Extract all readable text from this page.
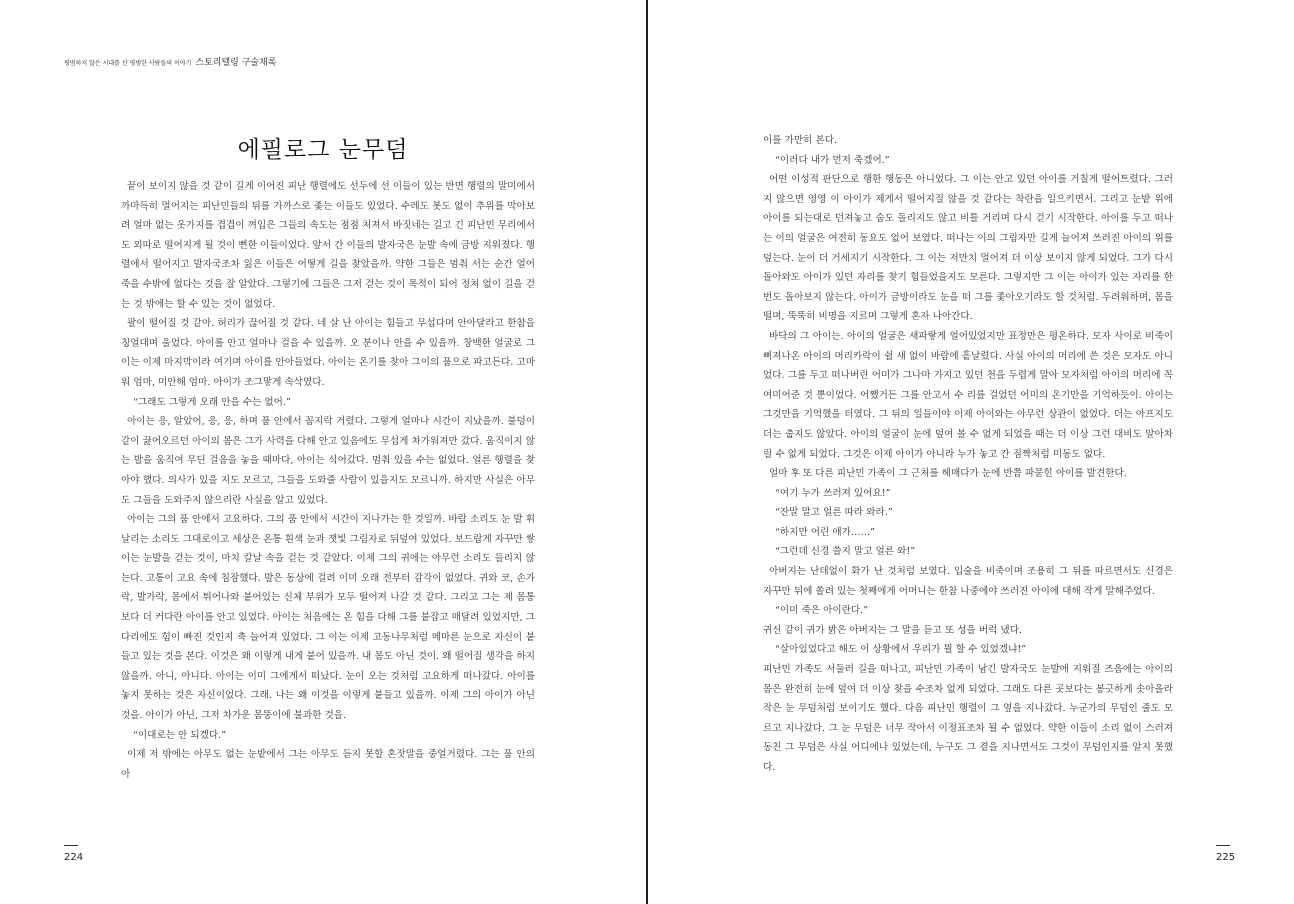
평범하지 않은 시대를 산 평범한 사람들의 이야기 스토리텔링 구술채록
에필로그 눈무덤

끝이 보이지 않을 것 같이 길게 이어진 피난 행렬에도 선두에 선 이들이 있는 반면 행렬의 말미에서 까마득히 멀어지는 피난민들의 뒤를 가까스로 좇는 이들도 있었다. 수레도 봇도 없이 추위를 막아보려 얼마 없는 옷가지를 겹겹이 껴입은 그들의 속도는 점점 처져서 바짓네는 길고 긴 피난민 무리에서도 외따로 떨어지게 될 것이 뻔한 이들이었다. 앞서 간 이들의 발자국은 눈발 속에 금방 지워졌다. 행렬에서 떨어지고 발자국조차 잃은 이들은 어떻게 길을 찾았을까. 약한 그들은 멈춰 서는 순간 얼어 죽을 수밖에 없다는 것을 잘 알았다. 그렇기에 그들은 그저 걷는 것이 목적이 되어 정처 없이 길을 걷는 것 밖에는 할 수 있는 것이 없었다.

팔이 떨어질 것 같아. 허리가 끊어질 것 같다. 네 살 난 아이는 힘들고 무섭다며 안아달라고 한참을 칭얼대며 울었다. 아이를 안고 얼마나 걸을 수 있을까. 오 분이나 안을 수 있을까. 창백한 얼굴로 그 이는 이제 마지막이라 여기며 아이를 안아들었다. 아이는 온기를 찾아 그이의 품으로 파고든다. 고마워 엄마, 미안해 엄마. 아이가 조그맣게 속삭였다.

“그래도 그렇게 오래 안을 수는 없어.”

아이는 응, 알았어, 응, 응, 하며 품 안에서 꼼지락 거렸다. 그렇게 얼마나 시간이 지났을까. 불덩이 같이 끓어오르던 아이의 몸은 그가 사력을 다해 안고 있음에도 무섭게 차가워져만 갔다. 움직이지 않는 발을 움직여 무딘 걸음을 놓을 때마다, 아이는 식어갔다. 멈춰 있을 수는 없었다. 얼른 행렬을 찾아야 했다. 의사가 있을 지도 모르고, 그들을 도와줄 사람이 있을지도 모르니까. 하지만 사실은 아무도 그들을 도와주지 않으리란 사실을 알고 있었다.

아이는 그의 품 안에서 고요하다. 그의 품 안에서 시간이 지나가는 한 것일까. 바람 소리도 눈 발 휘날리는 소리도 그대로이고 세상은 온통 흰색 눈과 잿빛 그림자로 뒤덮여 있었다. 보드랍게 자꾸만 쌓이는 눈발을 걷는 것이, 마치 칼날 속을 걷는 것 같았다. 이제 그의 귀에는 아무런 소리도 들리지 않는다. 고통이 고요 속에 침잠했다. 발은 동상에 걸려 이미 오래 전부터 감각이 없었다. 귀와 코, 손가락, 발가락, 몸에서 튀어나와 붙어있는 신체 부위가 모두 떨어져 나갈 것 같다. 그리고 그는 제 몸통보다 더 커다란 아이를 안고 있었다. 아이는 처음에는 온 힘을 다해 그를 붙잡고 매달려 있었지만, 그 다리에도 힘이 빠진 것인지 축 늘어져 있었다. 그 이는 이제 고동나무처럼 메마른 눈으로 자신이 붙들고 있는 것을 본다. 이것은 왜 이렇게 내게 붙어 있을까. 내 몸도 아닌 것이. 왜 떨어질 생각을 하지 않을까. 아니, 아니다. 아이는 이미 그에게서 떠났다. 눈이 오는 것처럼 고요하게 떠나갔다. 아이를 놓지 못하는 것은 자신이었다. 그래. 나는 왜 이것을 이렇게 붙들고 있을까. 이제 그의 아이가 아닌 것을. 아이가 아닌, 그저 차가운 몸뚱이에 불과한 것을.

“이대로는 안 되겠다.”

이제 저 밖에는 아무도 없는 눈밭에서 그는 아무도 듣지 못할 혼잣말을 중얼거렸다. 그는 품 안의 아

224

이를 가만히 본다.

“이러다 내가 먼저 죽겠어.”

어떤 이성적 판단으로 행한 행동은 아니었다. 그 이는 안고 있던 아이를 거칠게 떨어트렸다. 그러지 않으면 영영 이 아이가 제게서 떨어지질 않을 것 같다는 착란을 일으키면서. 그리고 눈밭 위에 아이를 되는대로 던져놓고 숨도 돌리지도 않고 비틀 거리며 다시 걷기 시작한다. 아이를 두고 떠나는 이의 얼굴은 여전히 동요도 없어 보였다. 떠나는 이의 그림자만 길게 늘어져 쓰러진 아이의 위를 덮는다. 눈이 더 거세지기 시작한다. 그 이는 저만치 멀어져 더 이상 보이지 않게 되었다. 그가 다시 돌아와도 아이가 있던 자리를 찾기 힘들었을지도 모른다. 그렇지만 그 이는 아이가 있는 자리를 한 번도 돌아보지 않는다. 아이가 금방이라도 눈을 떠 그를 좇아오기라도 할 것처럼. 두려워하며, 몸을 떨며, 뚝뚝히 비명을 지르며 그렇게 혼자 나아간다.

바닥의 그 아이는. 아이의 얼굴은 새파랗게 얼어있었지만 표정만은 평온하다. 모자 사이로 비죽이 삐져나온 아이의 머리카락이 쉴 새 없이 바람에 흩날렸다. 사실 아이의 머리에 쓴 것은 모자도 아니었다. 그를 두고 떠나버린 어미가 그나마 가지고 있던 천을 두렵게 말아 모자처럼 아이의 머리에 꼭 여미어준 것 뿐이었다. 어쨌거든 그를 안고서 수 리를 걸었던 어미의 온기만을 기억하듯이. 아이는 그것만을 기억했을 터였다. 그 뒤의 일들이야 이제 아이와는 아무런 상관이 없었다. 더는 아프지도 더는 춥지도 않았다. 아이의 얼굴이 눈에 덮여 볼 수 없게 되었을 때는 더 이상 그런 대비도 알아차릴 수 없게 되었다. 그것은 이제 아이가 아니라 누가 놓고 간 짐짝처럼 미동도 없다.

얼마 후 또 다른 피난민 가족이 그 근처를 헤매다가 눈에 반쯤 파묻힌 아이를 발견한다.

“여기 누가 쓰러져 있어요!”

“잔말 말고 얼른 따라 와라.”

“하지만 어린 애가……”

“그런데 신경 쓸지 말고 얼른 와!”

아버지는 난데없이 화가 난 것처럼 보였다. 입술을 비죽이며 조용히 그 뒤를 따르면서도 신경은 자꾸만 뒤에 쏠려 있는 첫째에게 어머니는 한참 나중에야 쓰러진 아이에 대해 작게 말해주었다.

“이미 죽은 아이란다.”

귀신 같이 귀가 밝은 아버지는 그 말을 듣고 또 성을 버럭 냈다.

“살아있었다고 해도 이 상황에서 우리가 뭘 할 수 있었겠냐!”

피난민 가족도 서둘러 길을 떠나고, 피난민 가족이 남긴 발자국도 눈발에 지워질 즈음에는 아이의 몸은 완전히 눈에 덮여 더 이상 찾을 수조차 없게 되었다. 그래도 다른 곳보다는 봉긋하게 솟아올라 작은 눈 무덤처럼 보이기도 했다. 다음 피난민 행렬이 그 옆을 지나갔다. 누군가의 무덤인 줄도 모르고 지나갔다. 그 눈 무덤은 너무 작아서 이정표조차 될 수 없었다. 약한 이들이 소리 없이 스러져 동친 그 무덤은 사실 어디에나 있었는데, 누구도 그 곁을 지나면서도 그것이 무덤인지를 알지 못했다.

225
